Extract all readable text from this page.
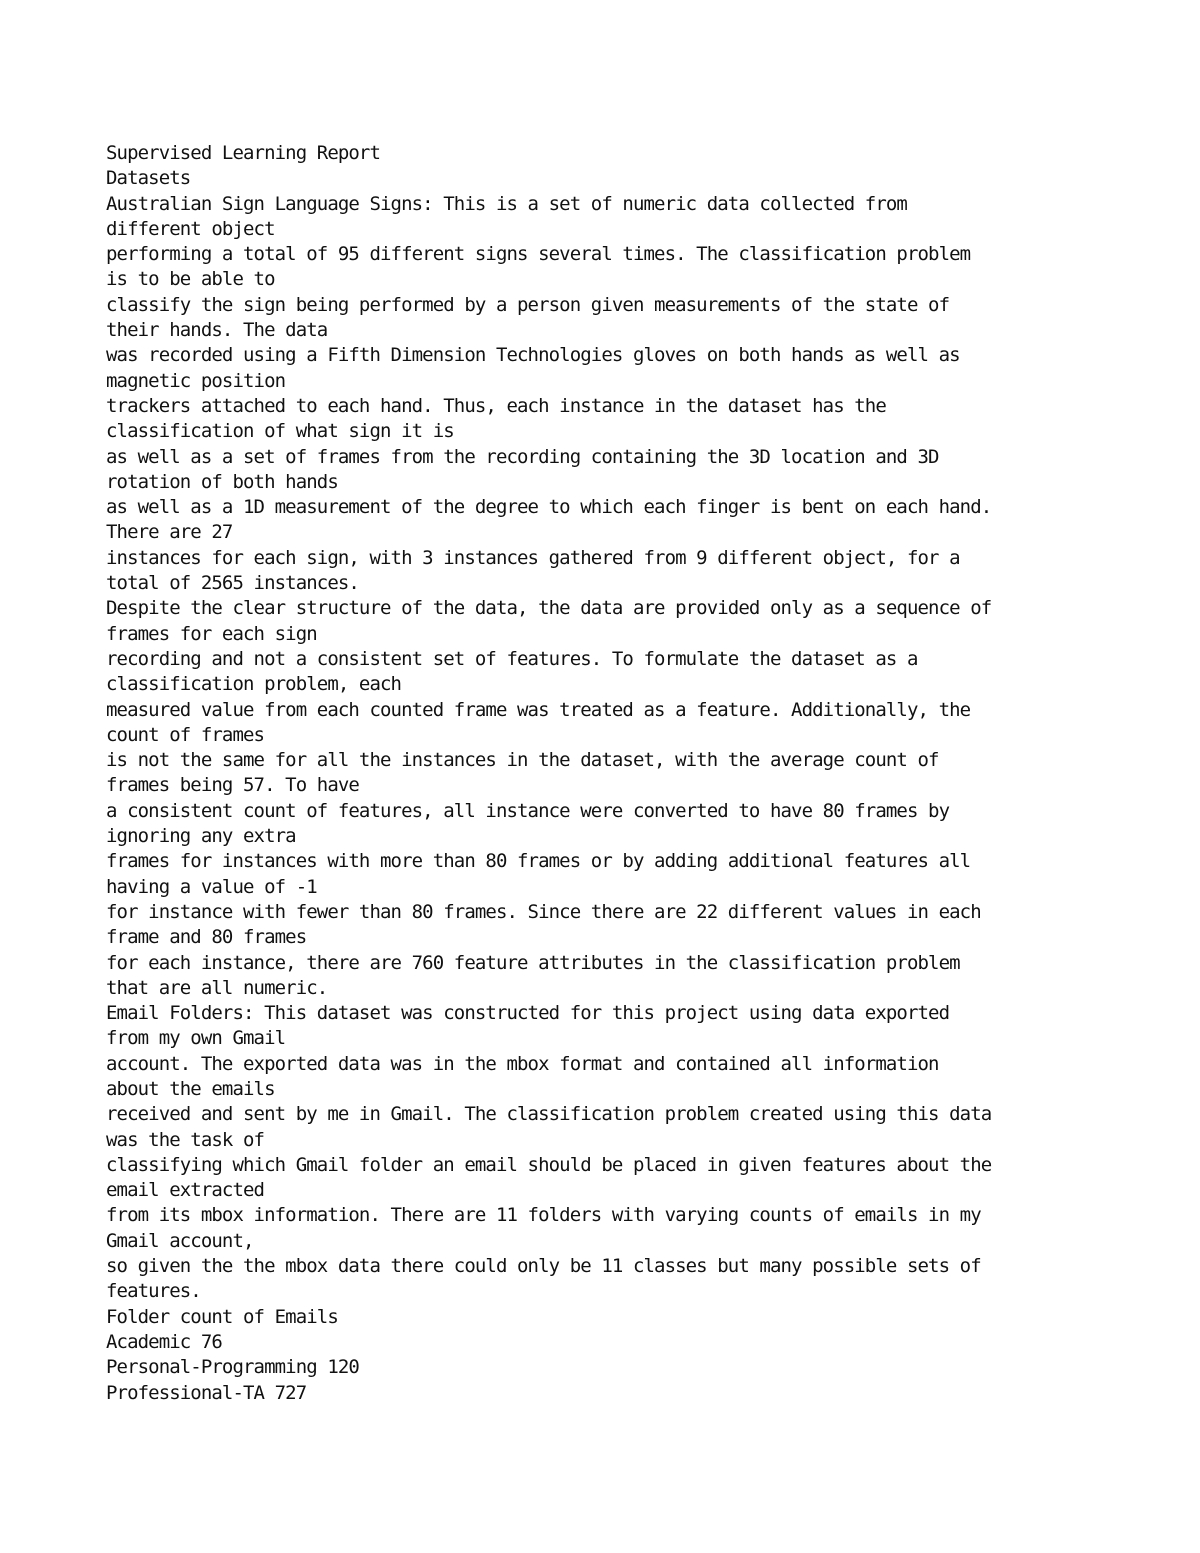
Supervised Learning Report
Datasets
Australian Sign Language Signs: This is a set of numeric data collected from
different object
performing a total of 95 different signs several times. The classification problem
is to be able to
classify the sign being performed by a person given measurements of the state of
their hands. The data
was recorded using a Fifth Dimension Technologies gloves on both hands as well as
magnetic position
trackers attached to each hand. Thus, each instance in the dataset has the
classification of what sign it is
as well as a set of frames from the recording containing the 3D location and 3D
rotation of both hands
as well as a 1D measurement of the degree to which each finger is bent on each hand.
There are 27
instances for each sign, with 3 instances gathered from 9 different object, for a
total of 2565 instances.
Despite the clear structure of the data, the data are provided only as a sequence of
frames for each sign
recording and not a consistent set of features. To formulate the dataset as a
classification problem, each
measured value from each counted frame was treated as a feature. Additionally, the
count of frames
is not the same for all the instances in the dataset, with the average count of
frames being 57. To have
a consistent count of features, all instance were converted to have 80 frames by
ignoring any extra
frames for instances with more than 80 frames or by adding additional features all
having a value of -1
for instance with fewer than 80 frames. Since there are 22 different values in each
frame and 80 frames
for each instance, there are 760 feature attributes in the classification problem
that are all numeric.
Email Folders: This dataset was constructed for this project using data exported
from my own Gmail
account. The exported data was in the mbox format and contained all information
about the emails
received and sent by me in Gmail. The classification problem created using this data
was the task of
classifying which Gmail folder an email should be placed in given features about the
email extracted
from its mbox information. There are 11 folders with varying counts of emails in my
Gmail account,
so given the the mbox data there could only be 11 classes but many possible sets of
features.
Folder count of Emails
Academic 76
Personal-Programming 120
Professional-TA 727
